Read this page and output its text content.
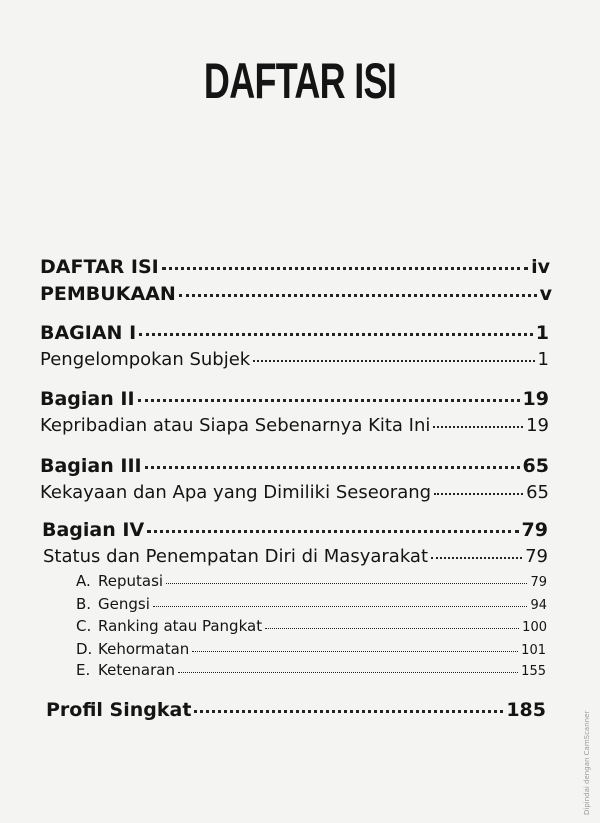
DAFTAR ISI
DAFTAR ISI	iv
PEMBUKAAN	v
BAGIAN I	1
Pengelompokan Subjek	1
Bagian II	19
Kepribadian atau Siapa Sebenarnya Kita Ini	19
Bagian III	65
Kekayaan dan Apa yang Dimiliki Seseorang	65
Bagian IV	79
Status dan Penempatan Diri di Masyarakat	79
A. Reputasi	79
B. Gengsi	94
C. Ranking atau Pangkat	100
D. Kehormatan	101
E. Ketenaran	155
Profil Singkat	185
Dipindai dengan CamScanner
